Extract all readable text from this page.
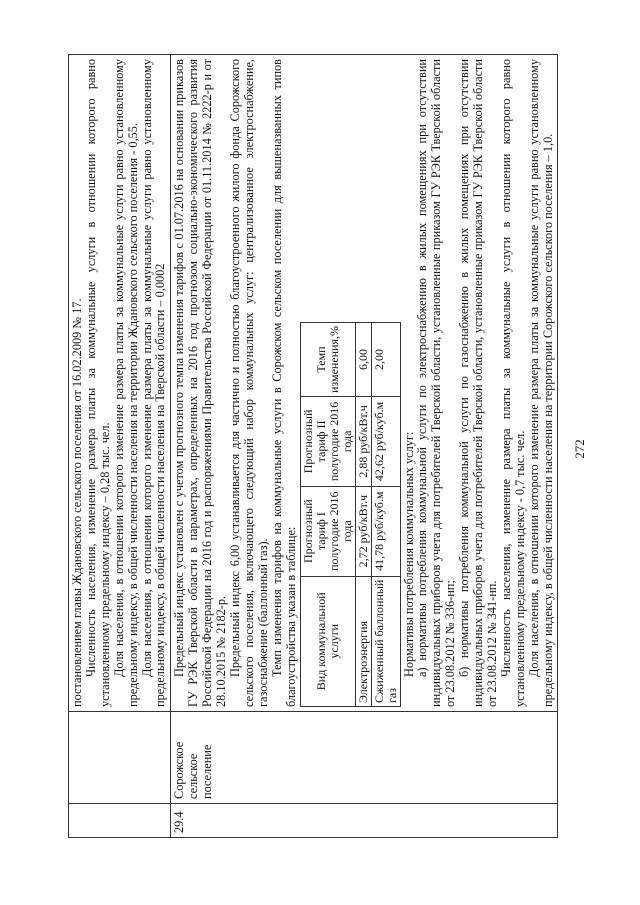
272

постановлением главы Ждановского сельского поселения от 16.02.2009 № 17. Численность населения, изменение размера платы за коммунальные услуги в отношении которого равно установленному предельному индексу – 0,28 тыс. чел. Доля населения, в отношении которого изменение размера платы за коммунальные услуги равно установленному предельному индексу, в общей численности населения на территории Ждановского сельского поселения - 0,55. Доля населения, в отношении которого изменение размера платы за коммунальные услуги равно установленному предельному индексу, в общей численности населения на Тверской области – 0,0002

29.4	Сорожское сельское поселение	

Предельный индекс установлен с учетом прогнозного темпа изменения тарифов с 01.07.2016 на основании приказов ГУ РЭК Тверской области в параметрах, определенных на 2016 год прогнозом социально-экономического развития Российской Федерации на 2016 год и распоряжениями Правительства Российской Федерации от 01.11.2014 № 2222-р и от 28.10.2015 № 2182-р. Предельный индекс 6,00 устанавливается для частично и полностью благоустроенного жилого фонда Сорожского сельского поселения, включающего следующий набор коммунальных услуг: централизованное электроснабжение, газоснабжение (баллонный газ). Темп изменения тарифов на коммунальные услуги в Сорожском сельском поселении для вышеназванных типов благоустройства указан в таблице: Вид коммунальной услуги	Прогнозный тариф I полугодие 2016 года	Прогнозный тариф II полугодие 2016 года	Темп изменения,%
Электроэнергия	2,72 руб/кВт.ч	2,88 руб/кВт.ч	6,00
Сжиженный баллонный газ	41,78 руб/куб.м	42,62 руб/куб.м	2,00

Нормативы потребления коммунальных услуг: а) нормативы потребления коммунальной услуги по электроснабжению в жилых помещениях при отсутствии индивидуальных приборов учета для потребителей Тверской области, установленные приказом ГУ РЭК Тверской области от 23.08.2012 № 336-нп; б) нормативы потребления коммунальной услуги по газоснабжению в жилых помещениях при отсутствии индивидуальных приборов учета для потребителей Тверской области, установленные приказом ГУ РЭК Тверской области от 23.08.2012 № 341-нп. Численность населения, изменение размера платы за коммунальные услуги в отношении которого равно установленному предельному индексу - 0,7 тыс. чел. Доля населения, в отношении которого изменение размера платы за коммунальные услуги равно установленному предельному индексу, в общей численности населения на территории Сорожского сельского поселения – 1,0.
